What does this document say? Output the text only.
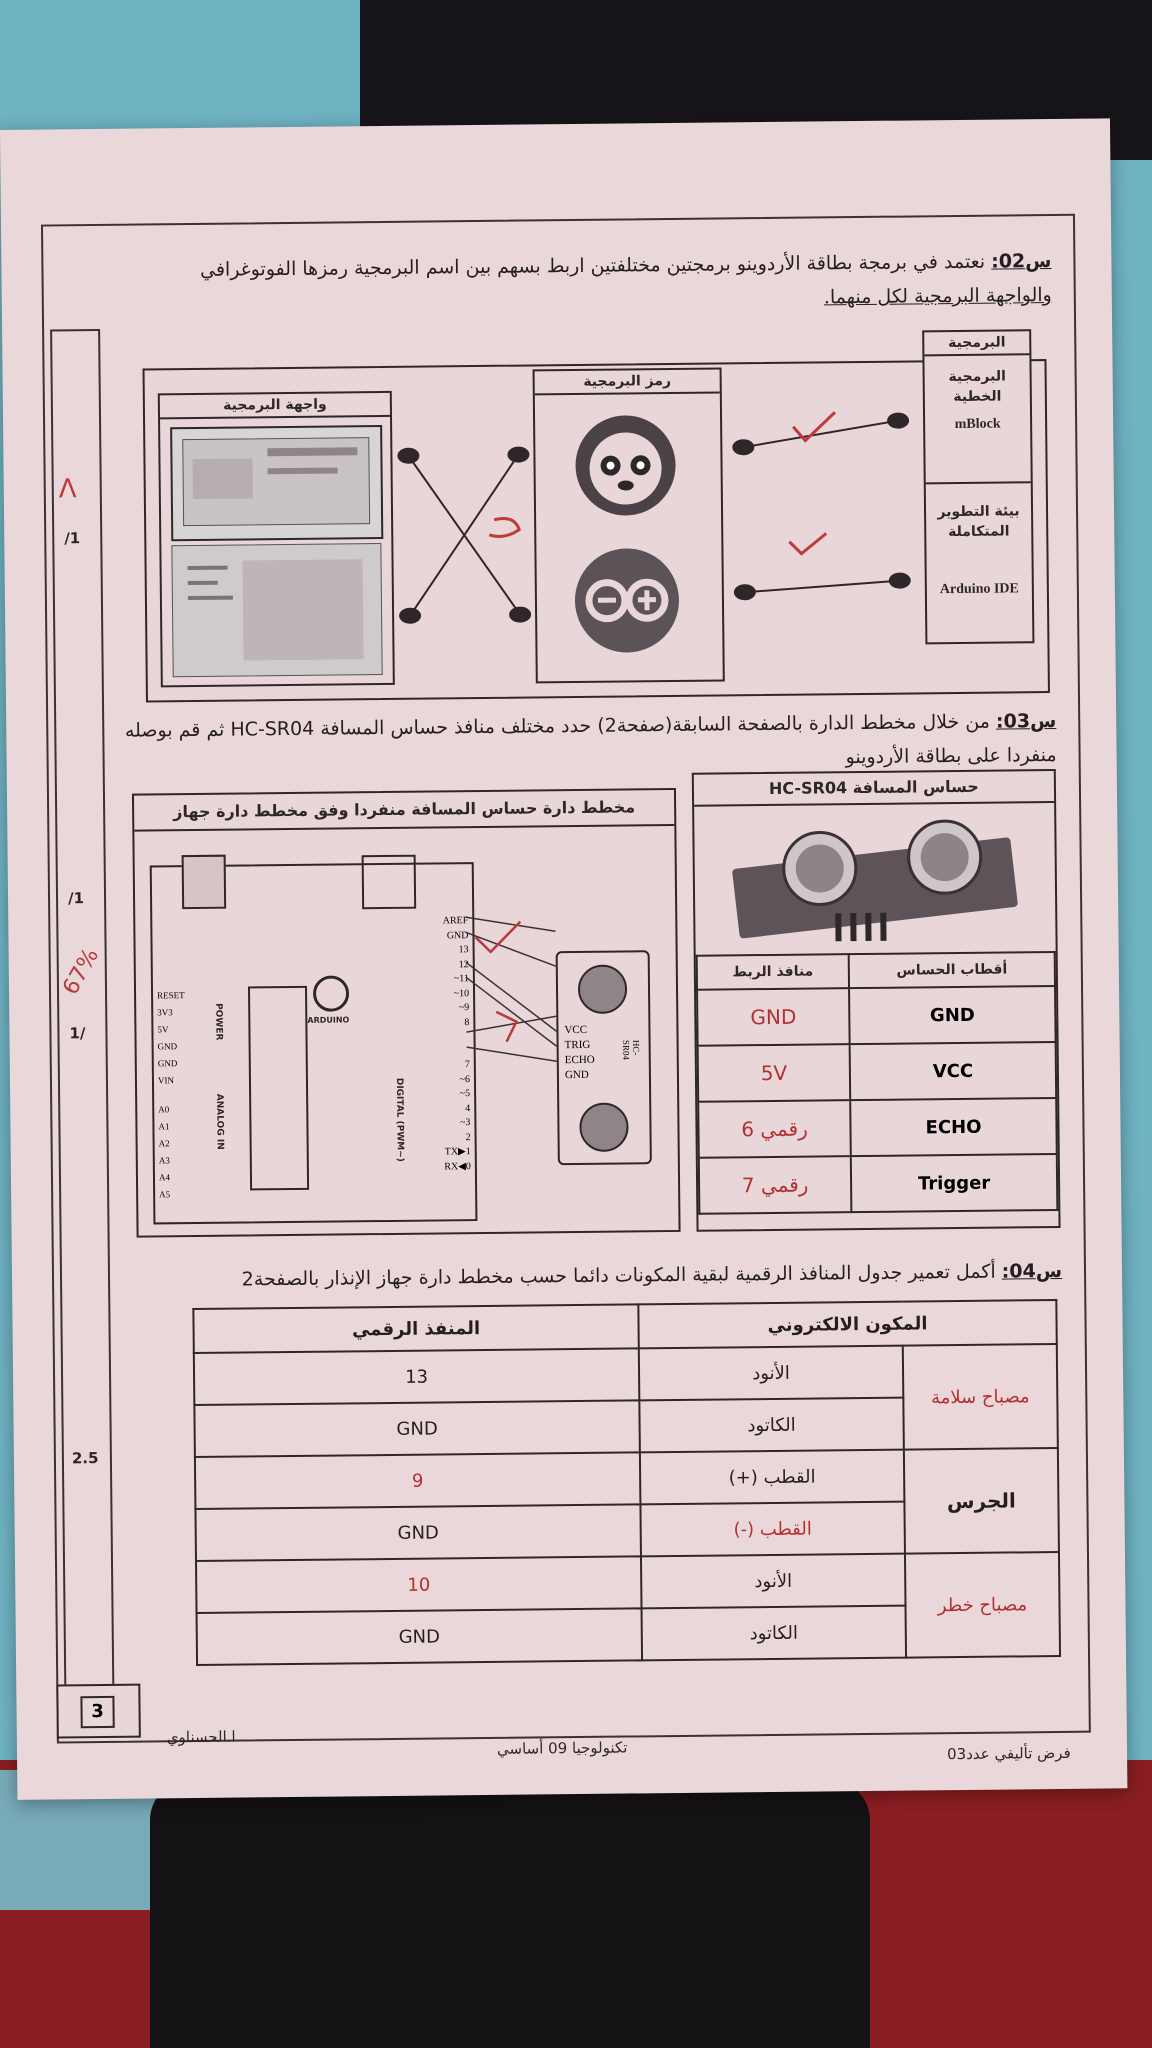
س02: نعتمد في برمجة بطاقة الأردوينو برمجتين مختلفتين اربط بسهم بين اسم البرمجية رمزها الفوتوغرافي
والواجهة البرمجية لكل منهما.
واجهة البرمجية
رمز البرمجية
البرمجية
البرمجية الخطية
mBlock
بيئة التطوير المتكاملة
Arduino IDE
/1
ᐱ
س03: من خلال مخطط الدارة بالصفحة السابقة(صفحة2) حدد مختلف منافذ حساس المسافة HC-SR04 ثم قم بوصله
منفردا على بطاقة الأردوينو
مخطط دارة حساس المسافة منفردا وفق مخطط دارة جهاز
ARDUINO
POWER
ANALOG IN	DIGITAL (PWM~)
RESET
3V3
5V
GND
GND
VIN
A0
A1
A2
A3
A4
A5
AREF
GND
13
12
~11
~10
~9
8
7
~6
~5
4
~3
2
TX▶1
RX◀0
VCC
TRIG
ECHO
GND
HC-SR04
حساس المسافة HC-SR04
أقطاب الحساس	منافذ الربط
GND	GND
VCC	5V
ECHO	رقمي 6
Trigger	رقمي 7
/1
1/
67%
س04: أكمل تعمير جدول المنافذ الرقمية لبقية المكونات دائما حسب مخطط دارة جهاز الإنذار بالصفحة2
المكون الالكتروني		المنفذ الرقمي
مصباح سلامة	الأنود	13
	الكاتود	GND
الجرس	القطب (+)	9
	القطب (-)	GND
مصباح خطر	الأنود	10
	الكاتود	GND
2.5
3
ا.الحسناوي
تكنولوجيا 09 أساسي	فرض تأليفي عدد03
